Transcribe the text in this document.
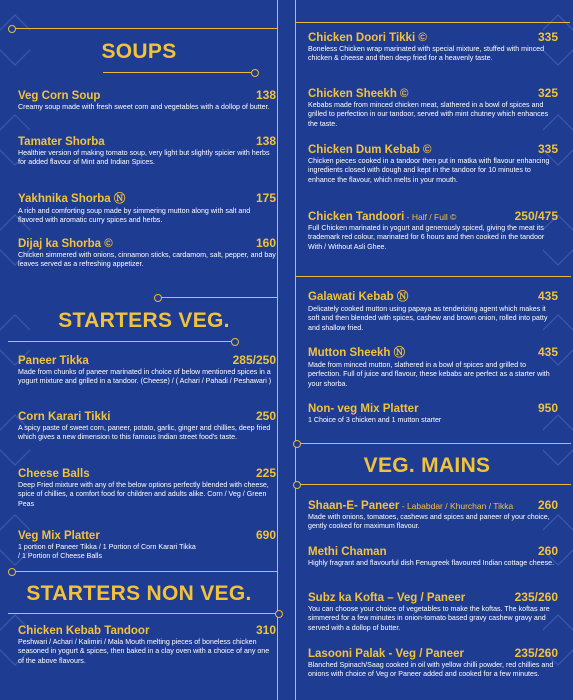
SOUPS
Veg Corn Soup	138
Creamy soup made with fresh sweet corn and vegetables with a dollop of butter.
Tamater Shorba	138
Healthier version of making tomato soup, very light but slightly spicier with herbs for added flavour of Mint and Indian Spices.
Yakhnika Shorba Ⓝ	175
A rich and comforting soup made by simmering mutton along with salt and flavored with aromatic curry spices and herbs.
Dijaj ka Shorba ©	160
Chicken simmered with onions, cinnamon sticks, cardamom, salt, pepper, and bay leaves served as a refreshing appetizer.
STARTERS VEG.
Paneer Tikka	285/250
Made from chunks of paneer marinated in choice of below mentioned spices in a yogurt mixture and grilled in a tandoor. (Cheese) / ( Achari / Pahadi / Peshawari )
Corn Karari Tikki	250
A spicy paste of sweet corn, paneer, potato, garlic, ginger and chillies, deep fried which gives a new dimension to this famous Indian street food's taste.
Cheese Balls	225
Deep Fried mixture with any of the below options perfectly blended with cheese, spice of chillies, a comfort food for children and adults alike. Corn / Veg / Green Peas
Veg Mix Platter	690
1 portion of Paneer Tikka / 1 Portion of Corn Karari Tikka / 1 Portion of Cheese Balls
STARTERS NON VEG.
Chicken Kebab Tandoor	310
Peshwari / Achari / Kalimiri / Mala Mouth melting pieces of boneless chicken seasoned in yogurt & spices, then baked in a clay oven with a choice of any one of the above flavours.
Chicken Doori Tikki ©	335
Boneless Chicken wrap marinated with special mixture, stuffed with minced chicken & cheese and then deep fried for a heavenly taste.
Chicken Sheekh ©	325
Kebabs made from minced chicken meat, slathered in a bowl of spices and grilled to perfection in our tandoor, served with mint chutney which enhances the taste.
Chicken Dum Kebab ©	335
Chicken pieces cooked in a tandoor then put in matka with flavour enhancing ingredients closed with dough and kept in the tandoor for 10 minutes to enhance the flavour, which melts in your mouth.
Chicken Tandoori - Half / Full ©	250/475
Full Chicken marinated in yogurt and generously spiced, giving the meat its trademark red colour, marinated for 6 hours and then cooked in the tandoor With / Without Asli Ghee.
Galawati Kebab Ⓝ	435
Delicately cooked mutton using papaya as tenderizing agent which makes it soft and then blended with spices, cashew and brown onion, rolled into patty and shallow fried.
Mutton Sheekh Ⓝ	435
Made from minced mutton, slathered in a bowl of spices and grilled to perfection. Full of juice and flavour, these kebabs are perfect as a starter with your shorba.
Non- veg Mix Platter	950
1 Choice of 3 chicken and 1 mutton starter
VEG. MAINS
Shaan-E- Paneer - Lababdar / Khurchan / Tikka 260
Made with onions, tomatoes, cashews and spices and paneer of your choice, gently cooked for maximum flavour.
Methi Chaman	260
Highly fragrant and flavourful dish Fenugreek flavoured Indian cottage cheese.
Subz ka Kofta – Veg / Paneer	235/260
You can choose your choice of vegetables to make the koftas. The koftas are simmered for a few minutes in onion-tomato based gravy cashew gravy and served with a dollop of butter.
Lasooni Palak - Veg / Paneer	235/260
Blanched Spinach/Saag cooked in oil with yellow chilli powder, red chillies and onions with choice of Veg or Paneer added and cooked for a few minutes.
